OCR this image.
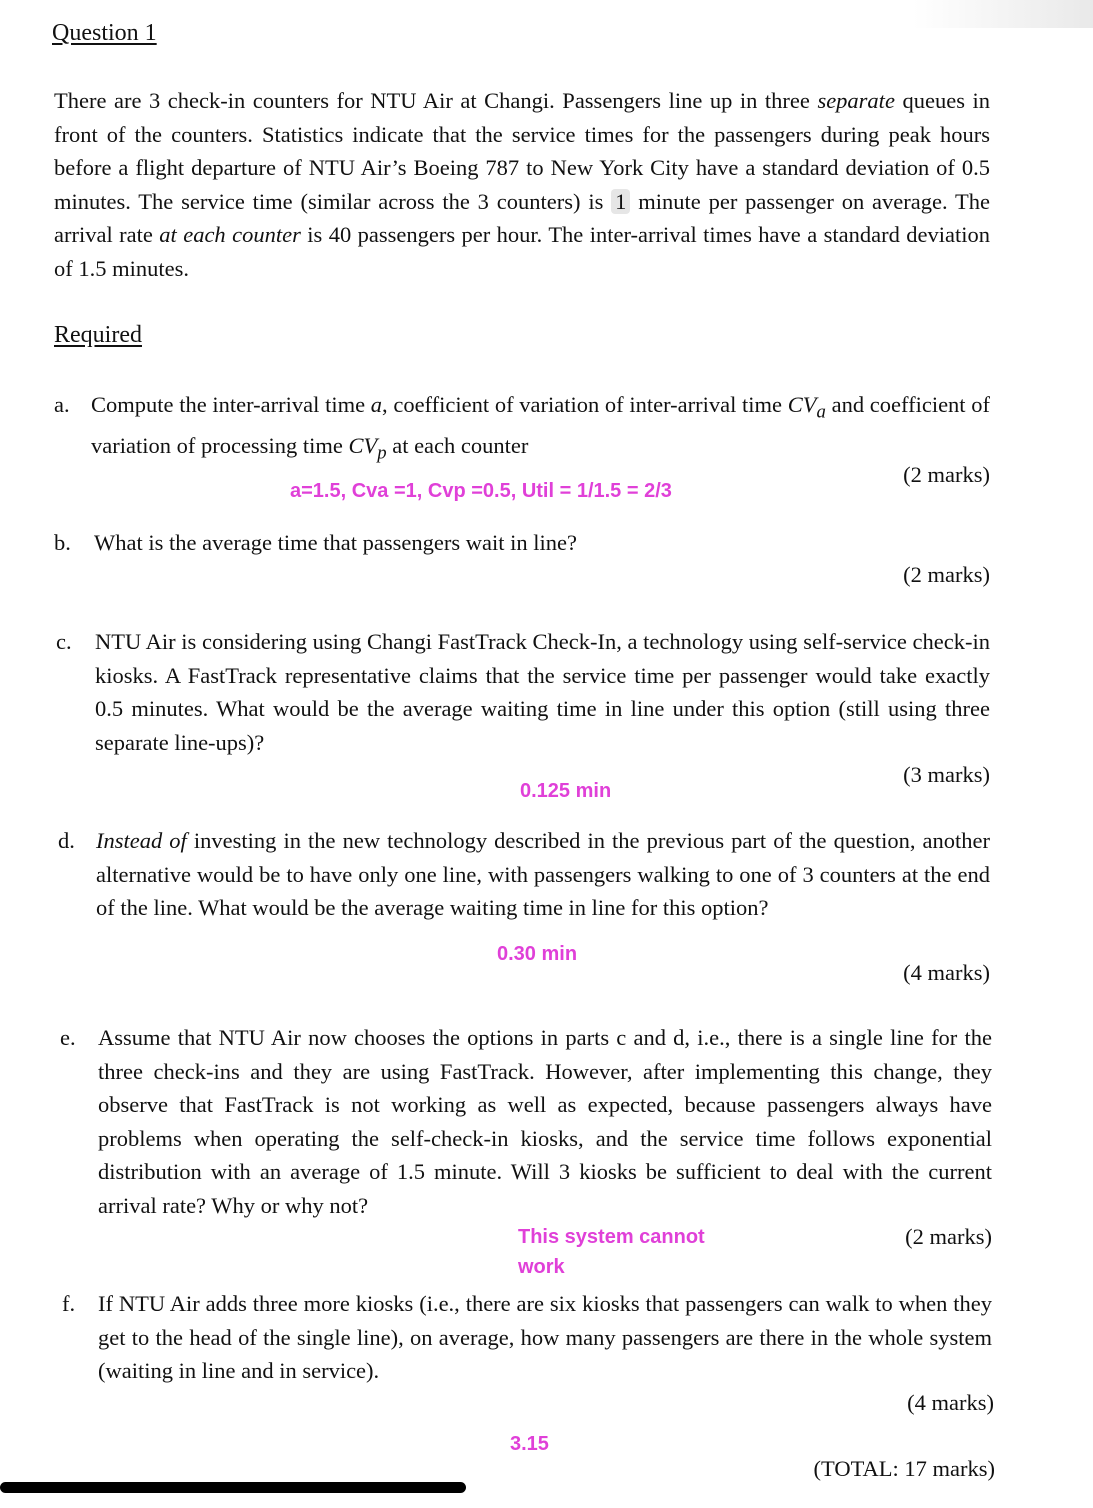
Question 1

There are 3 check-in counters for NTU Air at Changi. Passengers line up in three separate queues in front of the counters. Statistics indicate that the service times for the passengers during peak hours before a flight departure of NTU Air’s Boeing 787 to New York City have a standard deviation of 0.5 minutes. The service time (similar across the 3 counters) is 1 minute per passenger on average. The arrival rate at each counter is 40 passengers per hour. The inter-arrival times have a standard deviation of 1.5 minutes.

Required
a. Compute the inter-arrival time a, coefficient of variation of inter-arrival time $CV_a$ and coefficient of variation of processing time $CV_p$ at each counter

(2 marks)
a=1.5, Cva =1, Cvp =0.5, Util = 1/1.5 = 2/3
b. What is the average time that passengers wait in line?

(2 marks)
c. NTU Air is considering using Changi FastTrack Check-In, a technology using self-service check-in kiosks. A FastTrack representative claims that the service time per passenger would take exactly 0.5 minutes. What would be the average waiting time in line under this option (still using three separate line-ups)?

(3 marks)
0.125 min
d. Instead of investing in the new technology described in the previous part of the question, another alternative would be to have only one line, with passengers walking to one of 3 counters at the end of the line. What would be the average waiting time in line for this option?

0.30 min
(4 marks)
e. Assume that NTU Air now chooses the options in parts c and d, i.e., there is a single line for the three check-ins and they are using FastTrack. However, after implementing this change, they observe that FastTrack is not working as well as expected, because passengers always have problems when operating the self-check-in kiosks, and the service time follows exponential distribution with an average of 1.5 minute. Will 3 kiosks be sufficient to deal with the current arrival rate? Why or why not?

This system cannot
work
(2 marks)
f. If NTU Air adds three more kiosks (i.e., there are six kiosks that passengers can walk to when they get to the head of the single line), on average, how many passengers are there in the whole system (waiting in line and in service).

(4 marks)
3.15
(TOTAL: 17 marks)
